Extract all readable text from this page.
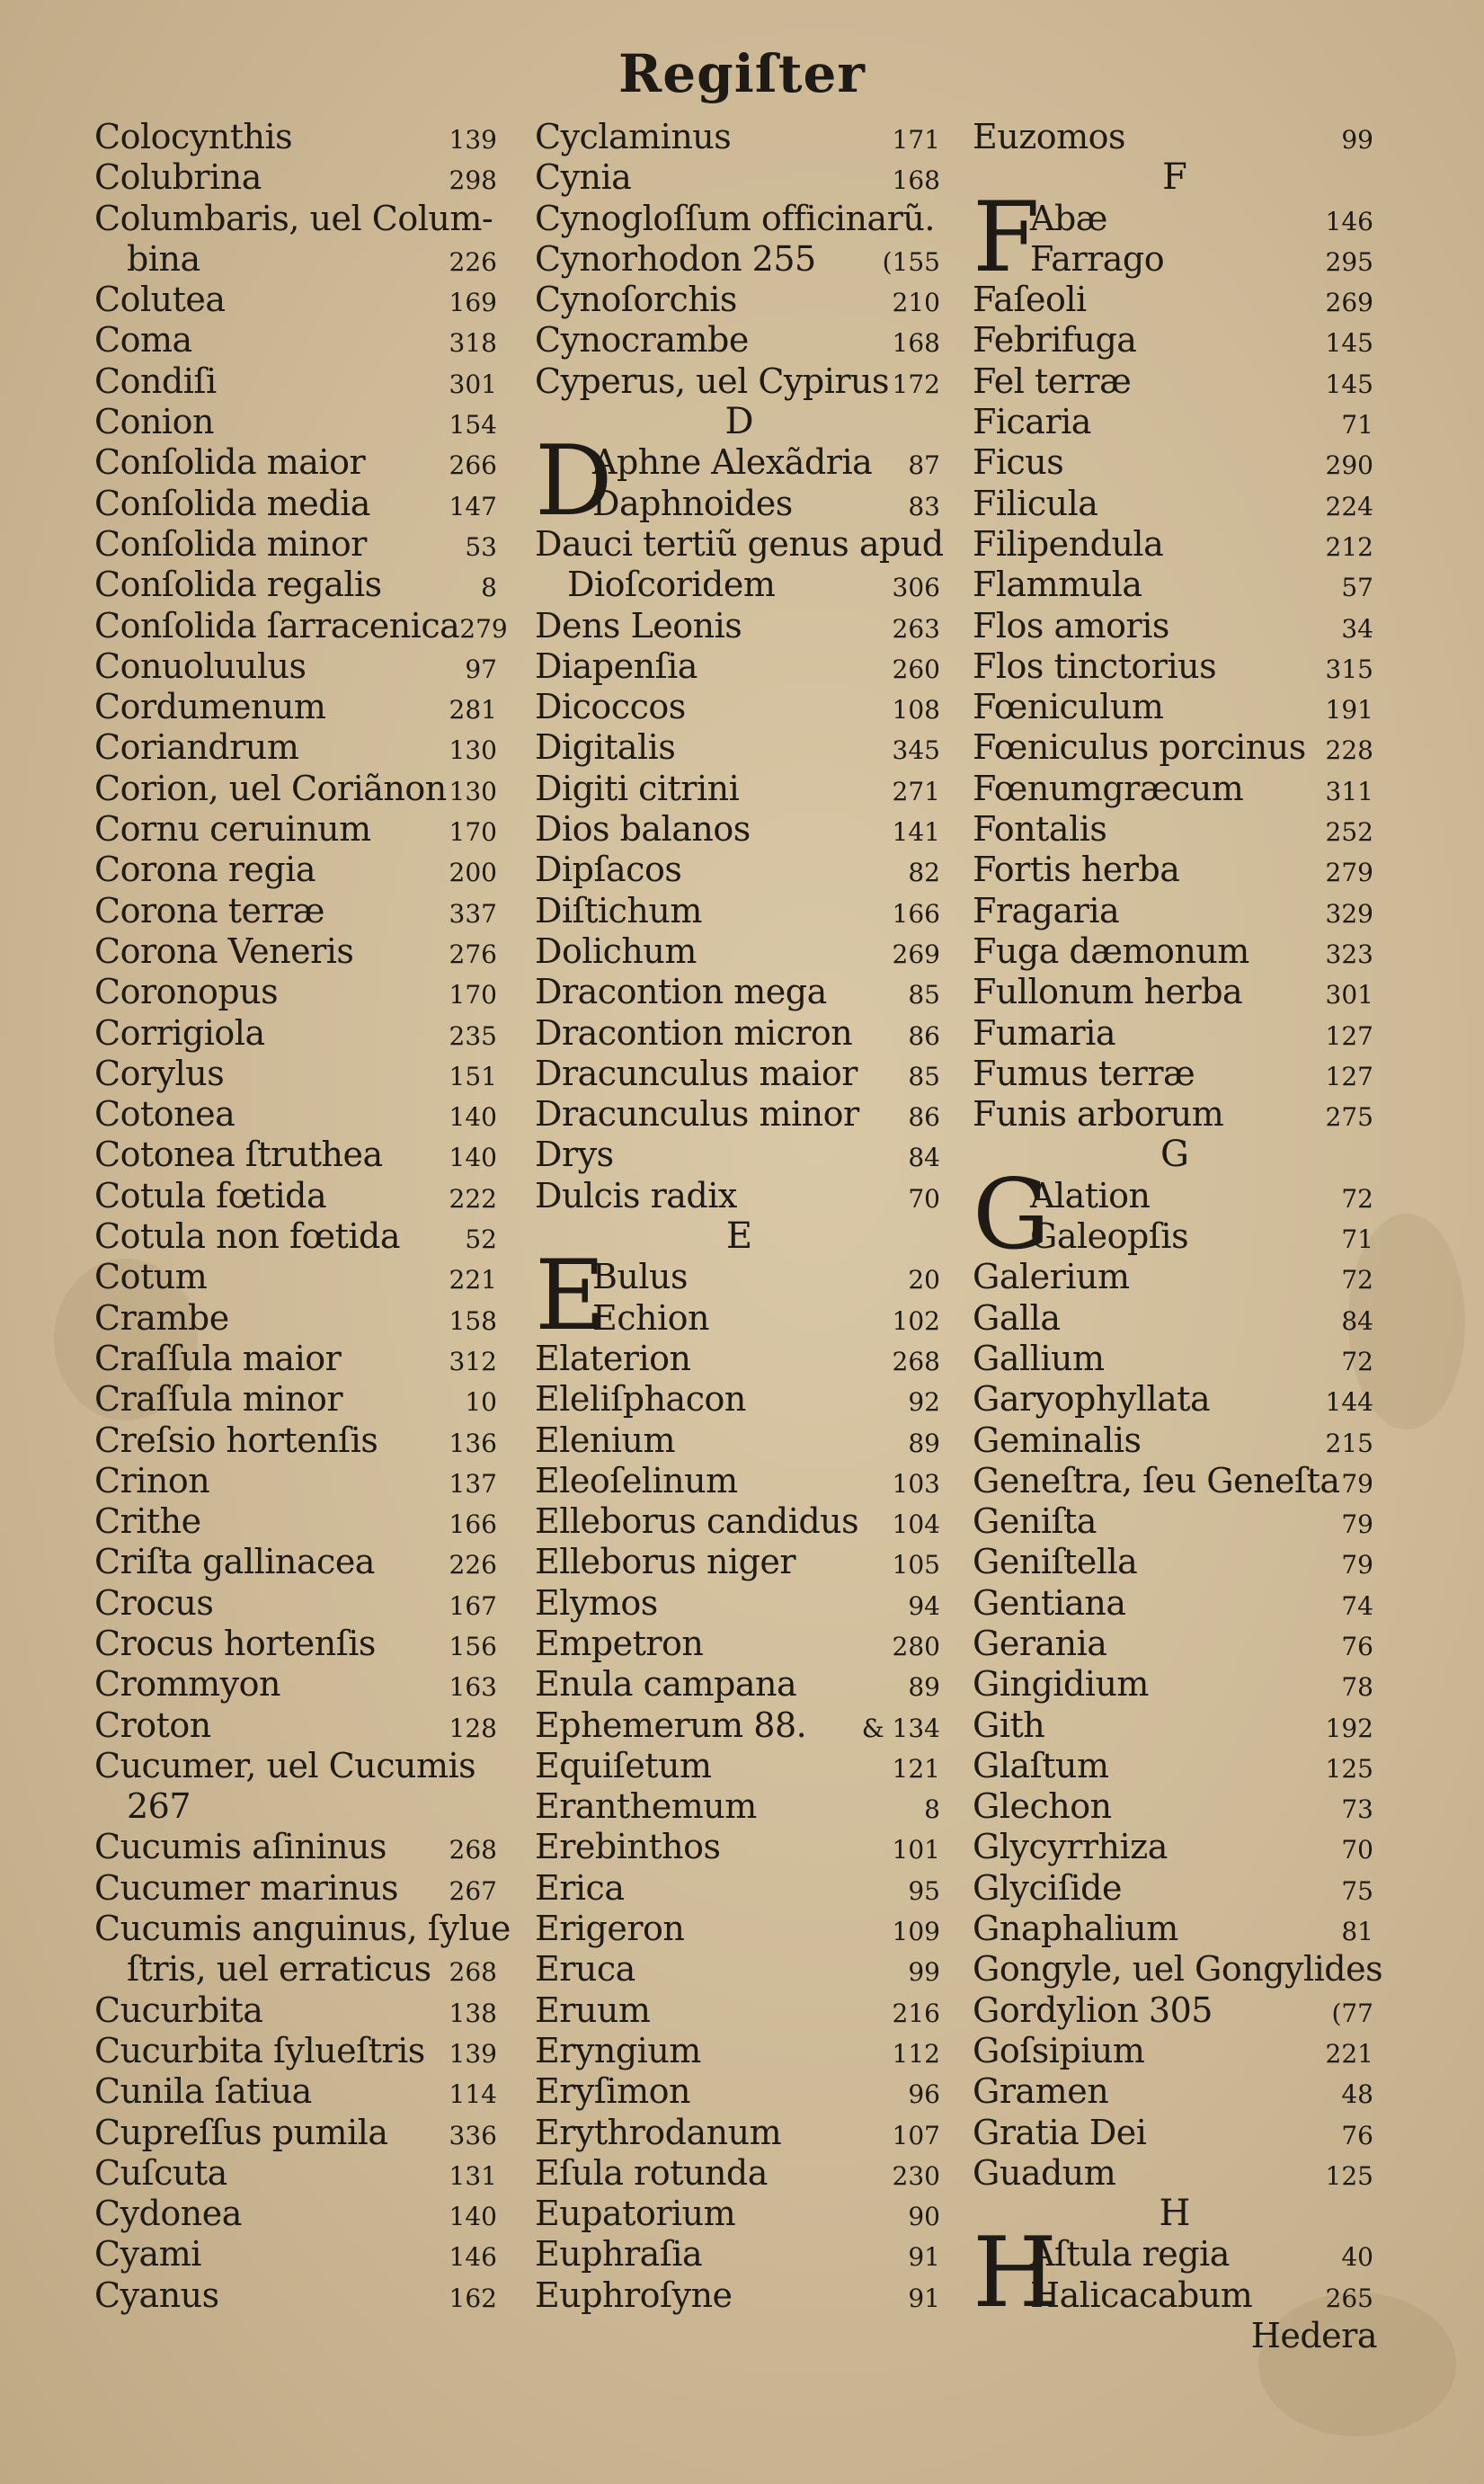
Regiſter
Colocynthis	139
Colubrina	298
Columbaris, uel Colum-
bina	226
Colutea	169
Coma	318
Condiſi	301
Conion	154
Conſolida maior	266
Conſolida media	147
Conſolida minor	53
Conſolida regalis	8
Conſolida ſarracenica 279
Conuoluulus	97
Cordumenum	281
Coriandrum	130
Corion, uel Coriãnon 130
Cornu ceruinum	170
Corona regia	200
Corona terræ	337
Corona Veneris	276
Coronopus	170
Corrigiola	235
Corylus	151
Cotonea	140
Cotonea ſtruthea	140
Cotula fœtida	222
Cotula non fœtida	52
Cotum	221
Crambe	158
Craſſula maior	312
Craſſula minor	10
Creſsio hortenſis	136
Crinon	137
Crithe	166
Criſta gallinacea	226
Crocus	167
Crocus hortenſis	156
Crommyon	163
Croton	128
Cucumer, uel Cucumis
267
Cucumis aſininus 268
Cucumer marinus 267
Cucumis anguinus, ſylue
ſtris, uel erraticus 268
Cucurbita	138
Cucurbita ſylueſtris 139
Cunila ſatiua	114
Cupreſſus pumila 336
Cuſcuta	131
Cydonea	140
Cyami	146
Cyanus	162
Cyclaminus	171
Cynia	168
Cynogloſſum officinarũ.
Cynorhodon 255	(155
Cynoſorchis	210
Cynocrambe	168
Cyperus, uel Cypirus 172
D
D
Aphne Alexãdria 87
Daphnoides	83
Dauci tertiũ genus apud
Dioſcoridem	306
Dens Leonis	263
Diapenſia	260
Dicoccos	108
Digitalis	345
Digiti citrini	271
Dios balanos	141
Dipſacos	82
Diſtichum	166
Dolichum	269
Dracontion mega	85
Dracontion micron 86
Dracunculus maior 85
Dracunculus minor 86
Drys	84
Dulcis radix	70
E
E
Bulus	20
Echion	102
Elaterion	268
Eleliſphacon	92
Elenium	89
Eleoſelinum	103
Elleborus candidus 104
Elleborus niger	105
Elymos	94
Empetron	280
Enula campana	89
Ephemerum 88. & 134
Equiſetum	121
Eranthemum	8
Erebinthos	101
Erica	95
Erigeron	109
Eruca	99
Eruum	216
Eryngium	112
Eryſimon	96
Erythrodanum	107
Eſula rotunda	230
Eupatorium	90
Euphraſia	91
Euphroſyne	91
Euzomos	99
F
F
Abæ	146
Farrago	295
Faſeoli	269
Febrifuga	145
Fel terræ	145
Ficaria	71
Ficus	290
Filicula	224
Filipendula	212
Flammula	57
Flos amoris	34
Flos tinctorius	315
Fœniculum	191
Fœniculus porcinus 228
Fœnumgræcum	311
Fontalis	252
Fortis herba	279
Fragaria	329
Fuga dæmonum	323
Fullonum herba	301
Fumaria	127
Fumus terræ	127
Funis arborum	275
G
G
Alation	72
Galeopſis	71
Galerium	72
Galla	84
Gallium	72
Garyophyllata	144
Geminalis	215
Geneſtra, ſeu Geneſta 79
Geniſta	79
Geniſtella	79
Gentiana	74
Gerania	76
Gingidium	78
Gith	192
Glaſtum	125
Glechon	73
Glycyrrhiza	70
Glyciſide	75
Gnaphalium	81
Gongyle, uel Gongylides
Gordylion 305	(77
Goſsipium	221
Gramen	48
Gratia Dei	76
Guadum	125
H
H
Aſtula regia	40
Halicacabum	265
Hedera
